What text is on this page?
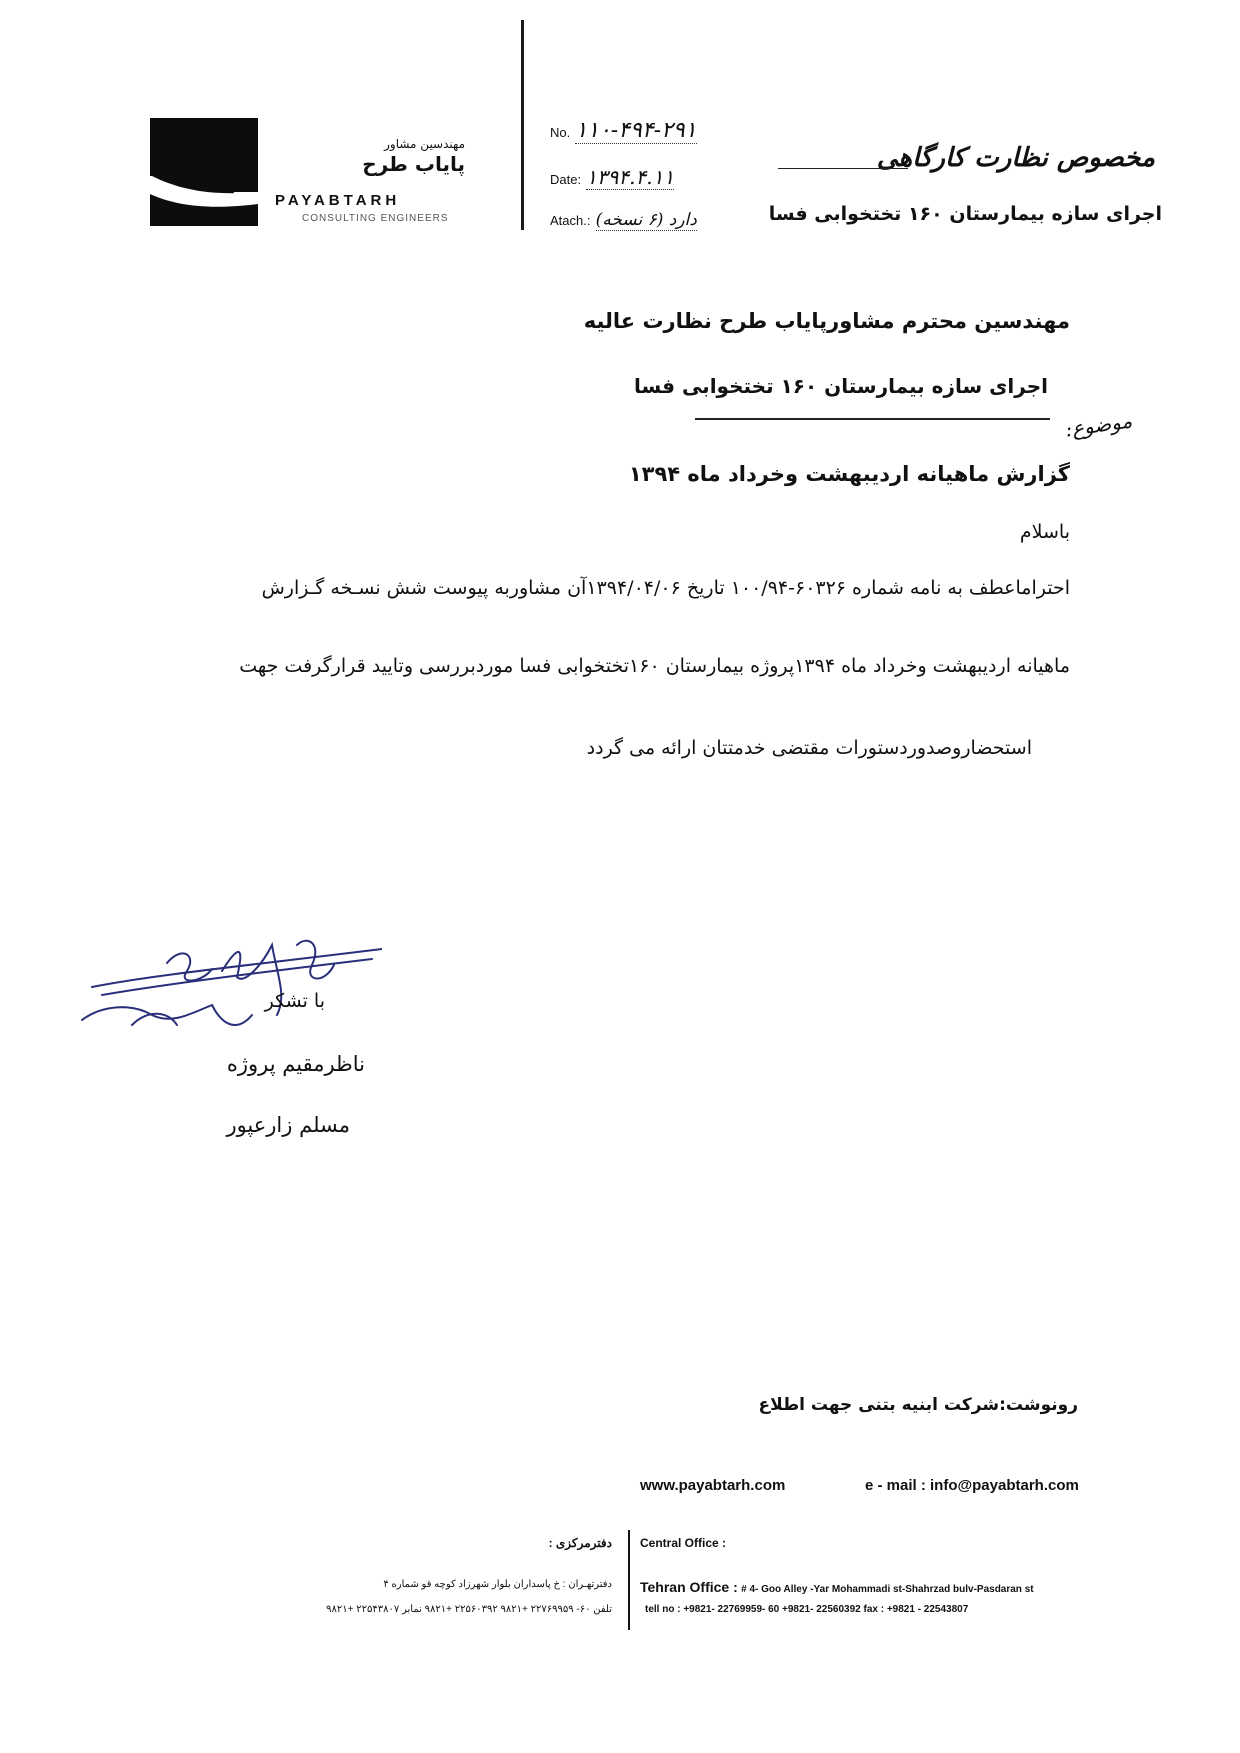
مهندسین مشاور
پایاب طرح
PAYABTARH
CONSULTING ENGINEERS
No. ۱۱۰-۴۹۴-۲۹۱
Date: ۱۳۹۴.۴.۱۱
Atach.: دارد (۶ نسخه)
مخصوص نظارت کارگاهی
اجرای سازه بیمارستان ۱۶۰ تختخوابی فسا
مهندسین محترم مشاورپایاب طرح نظارت عالیه
اجرای سازه بیمارستان ۱۶۰ تختخوابی فسا
موضوع:
گزارش ماهیانه اردیبهشت وخرداد ماه ۱۳۹۴
باسلام
احتراماعطف به نامه شماره ۶۰۳۲۶-۱۰۰/۹۴ تاریخ ۱۳۹۴/۰۴/۰۶آن مشاوربه پیوست شش نسـخه گـزارش
ماهیانه اردیبهشت وخرداد ماه ۱۳۹۴پروژه بیمارستان ۱۶۰تختخوابی فسا موردبررسی وتایید قرارگرفت جهت
استحضاروصدوردستورات مقتضی خدمتتان ارائه می گردد
با تشکر
ناظرمقیم پروژه
مسلم زارعپور
رونوشت:شرکت ابنیه بتنی جهت اطلاع
www.payabtarh.com	e - mail : info@payabtarh.com
دفترمرکزی : Central Office :
Tehran Office : # 4- Goo Alley -Yar Mohammadi st-Shahrzad bulv-Pasdaran st
tell no : +9821- 22769959- 60 +9821- 22560392 fax : +9821 - 22543807
دفترتهـران : خ پاسداران بلوار شهرزاد کوچه قو شماره ۴
تلفن ۶۰- ۲۲۷۶۹۹۵۹ +۹۸۲۱ ۲۲۵۶۰۳۹۲ +۹۸۲۱ نمابر ۲۲۵۴۳۸۰۷ +۹۸۲۱
